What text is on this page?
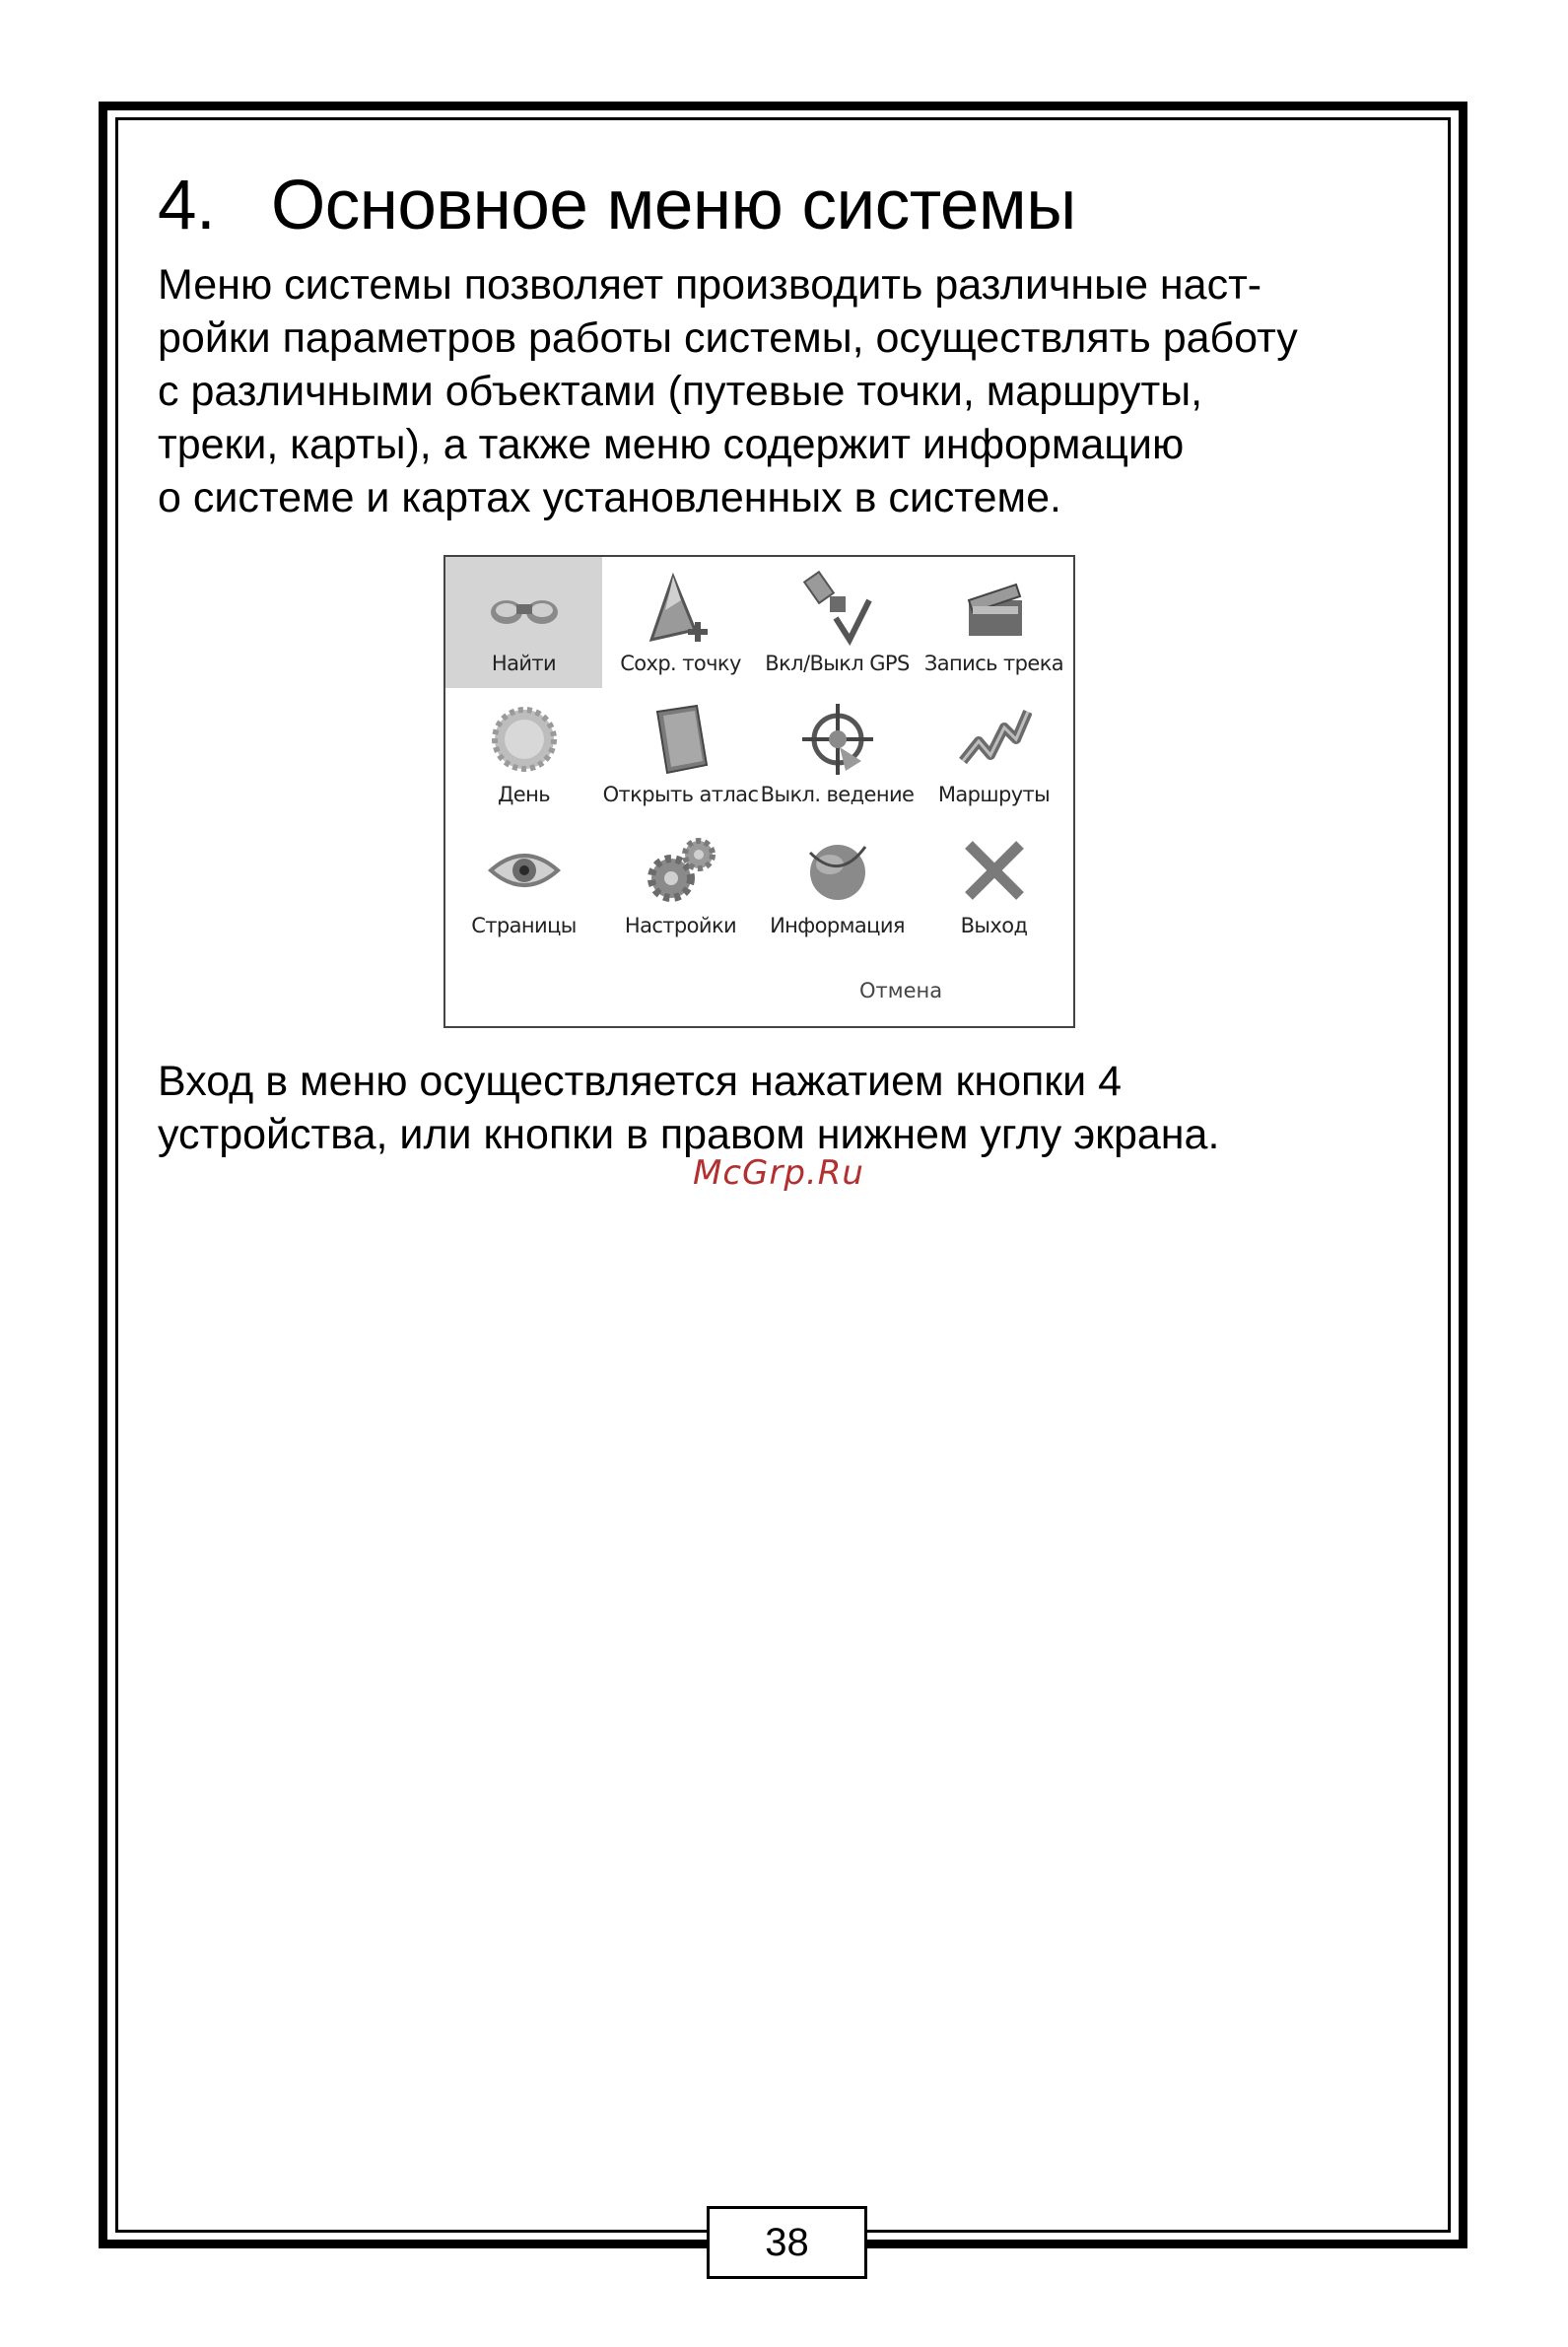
4. Основное меню системы

Меню системы позволяет производить различные наст-
ройки параметров работы системы, осуществлять работу
с различными объектами (путевые точки, маршруты,
треки, карты), а также меню содержит информацию
о системе и картах установленных в системе.

Найти	Сохр. точку	Вкл/Выкл GPS Запись трека
День	Открыть атлас Выкл. ведение	Маршруты
Страницы	Настройки	Информация	Выход
Отмена

Вход в меню осуществляется нажатием кнопки 4
устройства, или кнопки в правом нижнем углу экрана.

McGrp.Ru
38
